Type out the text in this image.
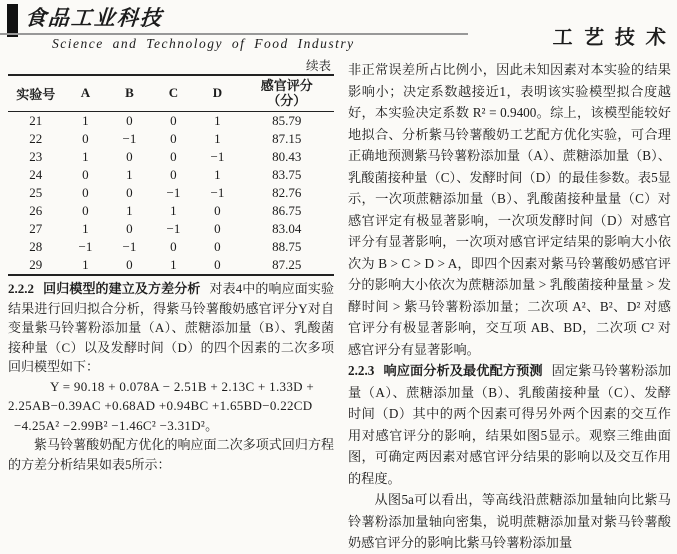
食品工业科技
Science and Technology of Food Industry	工艺技术
续表
实验号	A	B	C	D	感官评分
（分）

21	1	0	0	1	85.79
22	0	−1	0	1	87.15
23	1	0	0	−1	80.43
24	0	1	0	1	83.75
25	0	0	−1	−1	82.76
26	0	1	1	0	86.75
27	1	0	−1	0	83.04
28	−1	−1	0	0	88.75
29	1	0	1	0	87.25

2.2.2 回归模型的建立及方差分析 对表4中的响应面实验结果进行回归拟合分析，得紫马铃薯酸奶感官评分Y对自变量紫马铃薯粉添加量（A）、蔗糖添加量（B）、乳酸菌接种量（C）以及发酵时间（D）的四个因素的二次多项回归模型如下：

Y = 90.18 + 0.078A − 2.51B + 2.13C + 1.33D +
2.25AB−0.39AC +0.68AD +0.94BC +1.65BD−0.22CD
−4.25A² −2.99B² −1.46C² −3.31D²。

紫马铃薯酸奶配方优化的响应面二次多项式回归方程的方差分析结果如表5所示：

非正常误差所占比例小，因此未知因素对本实验的结果影响小；决定系数越接近1，表明该实验模型拟合度越好，本实验决定系数 R² = 0.9400。综上，该模型能较好地拟合、分析紫马铃薯酸奶工艺配方优化实验，可合理正确地预测紫马铃薯粉添加量（A）、蔗糖添加量（B）、乳酸菌接种量（C）、发酵时间（D）的最佳参数。表5显示，一次项蔗糖添加量（B）、乳酸菌接种量量（C）对感官评定有极显著影响，一次项发酵时间（D）对感官评分有显著影响，一次项对感官评定结果的影响大小依次为 B > C > D > A，即四个因素对紫马铃薯酸奶感官评分的影响大小依次为蔗糖添加量 > 乳酸菌接种量量 > 发酵时间 > 紫马铃薯粉添加量；二次项 A²、B²、D² 对感官评分有极显著影响，交互项 AB、BD，二次项 C² 对感官评分有显著影响。

2.2.3 响应面分析及最优配方预测 固定紫马铃薯粉添加量（A）、蔗糖添加量（B）、乳酸菌接种量（C）、发酵时间（D）其中的两个因素可得另外两个因素的交互作用对感官评分的影响，结果如图5显示。观察三维曲面图，可确定两因素对感官评分结果的影响以及交互作用的程度。

从图5a可以看出，等高线沿蔗糖添加量轴向比紫马铃薯粉添加量轴向密集，说明蔗糖添加量对紫马铃薯酸奶感官评分的影响比紫马铃薯粉添加量
